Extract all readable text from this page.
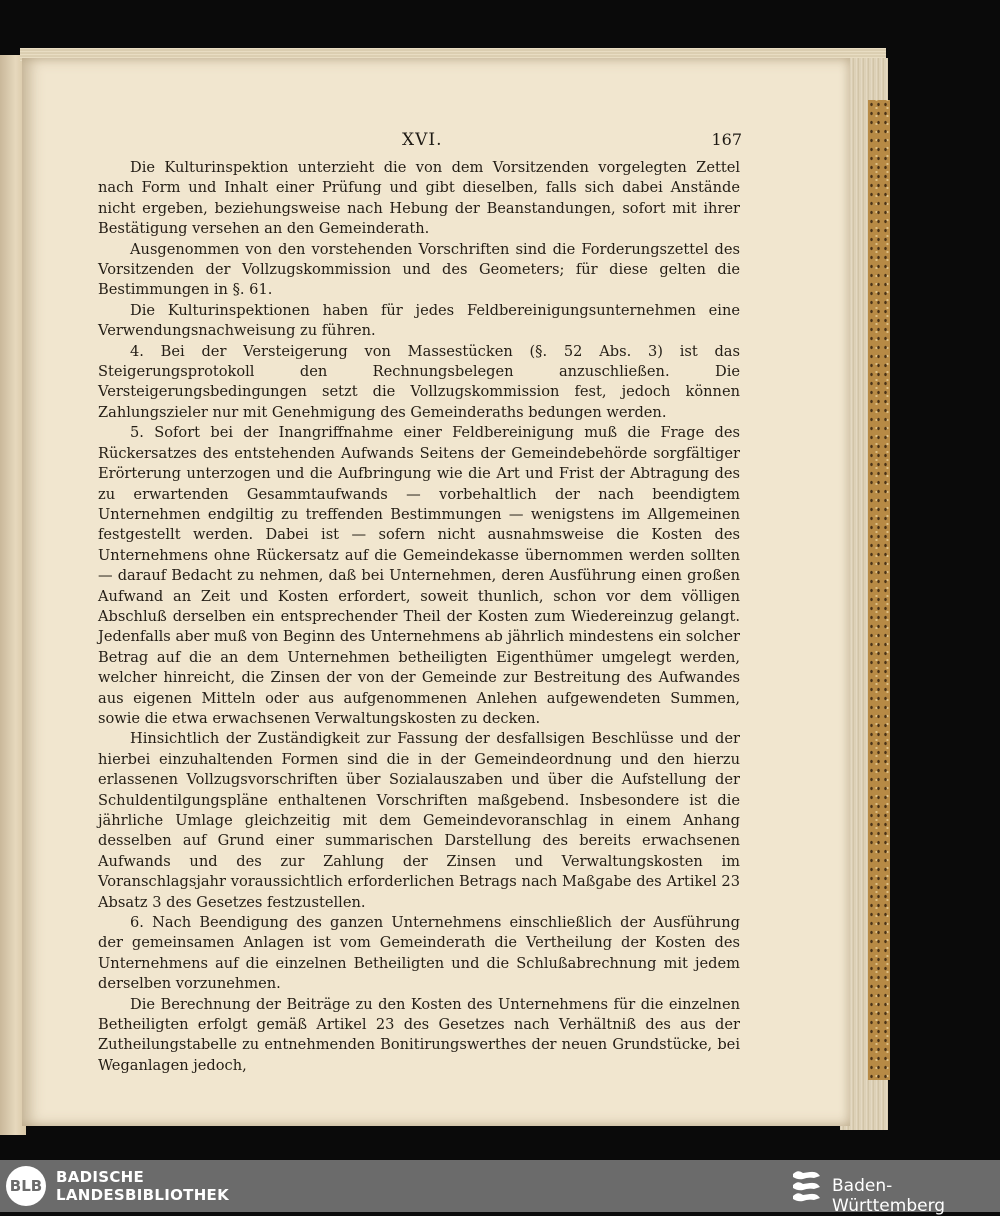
XVI.	167

Die Kulturinspektion unterzieht die von dem Vorsitzenden vorgelegten Zettel nach Form und Inhalt einer Prüfung und gibt dieselben, falls sich dabei Anstände nicht ergeben, beziehungsweise nach Hebung der Beanstandungen, sofort mit ihrer Bestätigung versehen an den Gemeinderath.

Ausgenommen von den vorstehenden Vorschriften sind die Forderungszettel des Vorsitzenden der Vollzugskommission und des Geometers; für diese gelten die Bestimmungen in §. 61.

Die Kulturinspektionen haben für jedes Feldbereinigungsunternehmen eine Verwendungsnachweisung zu führen.

4. Bei der Versteigerung von Massestücken (§. 52 Abs. 3) ist das Steigerungsprotokoll den Rechnungsbelegen anzuschließen. Die Versteigerungsbedingungen setzt die Vollzugskommission fest, jedoch können Zahlungszieler nur mit Genehmigung des Gemeinderaths bedungen werden.

5. Sofort bei der Inangriffnahme einer Feldbereinigung muß die Frage des Rückersatzes des entstehenden Aufwands Seitens der Gemeindebehörde sorgfältiger Erörterung unterzogen und die Aufbringung wie die Art und Frist der Abtragung des zu erwartenden Gesammtaufwands — vorbehaltlich der nach beendigtem Unternehmen endgiltig zu treffenden Bestimmungen — wenigstens im Allgemeinen festgestellt werden. Dabei ist — sofern nicht ausnahmsweise die Kosten des Unternehmens ohne Rückersatz auf die Gemeindekasse übernommen werden sollten — darauf Bedacht zu nehmen, daß bei Unternehmen, deren Ausführung einen großen Aufwand an Zeit und Kosten erfordert, soweit thunlich, schon vor dem völligen Abschluß derselben ein entsprechender Theil der Kosten zum Wiedereinzug gelangt. Jedenfalls aber muß von Beginn des Unternehmens ab jährlich mindestens ein solcher Betrag auf die an dem Unternehmen betheiligten Eigenthümer umgelegt werden, welcher hinreicht, die Zinsen der von der Gemeinde zur Bestreitung des Aufwandes aus eigenen Mitteln oder aus aufgenommenen Anlehen aufgewendeten Summen, sowie die etwa erwachsenen Verwaltungskosten zu decken.

Hinsichtlich der Zuständigkeit zur Fassung der desfallsigen Beschlüsse und der hierbei einzuhaltenden Formen sind die in der Gemeindeordnung und den hierzu erlassenen Vollzugsvorschriften über Sozialauszaben und über die Aufstellung der Schuldentilgungspläne enthaltenen Vorschriften maßgebend. Insbesondere ist die jährliche Umlage gleichzeitig mit dem Gemeindevoranschlag in einem Anhang desselben auf Grund einer summarischen Darstellung des bereits erwachsenen Aufwands und des zur Zahlung der Zinsen und Verwaltungskosten im Voranschlagsjahr voraussichtlich erforderlichen Betrags nach Maßgabe des Artikel 23 Absatz 3 des Gesetzes festzustellen.

6. Nach Beendigung des ganzen Unternehmens einschließlich der Ausführung der gemeinsamen Anlagen ist vom Gemeinderath die Vertheilung der Kosten des Unternehmens auf die einzelnen Betheiligten und die Schlußabrechnung mit jedem derselben vorzunehmen.

Die Berechnung der Beiträge zu den Kosten des Unternehmens für die einzelnen Betheiligten erfolgt gemäß Artikel 23 des Gesetzes nach Verhältniß des aus der Zutheilungstabelle zu entnehmenden Bonitirungswerthes der neuen Grundstücke, bei Weganlagen jedoch,

BLB BADISCHE
LANDESBIBLIOTHEK	Baden-Württemberg
